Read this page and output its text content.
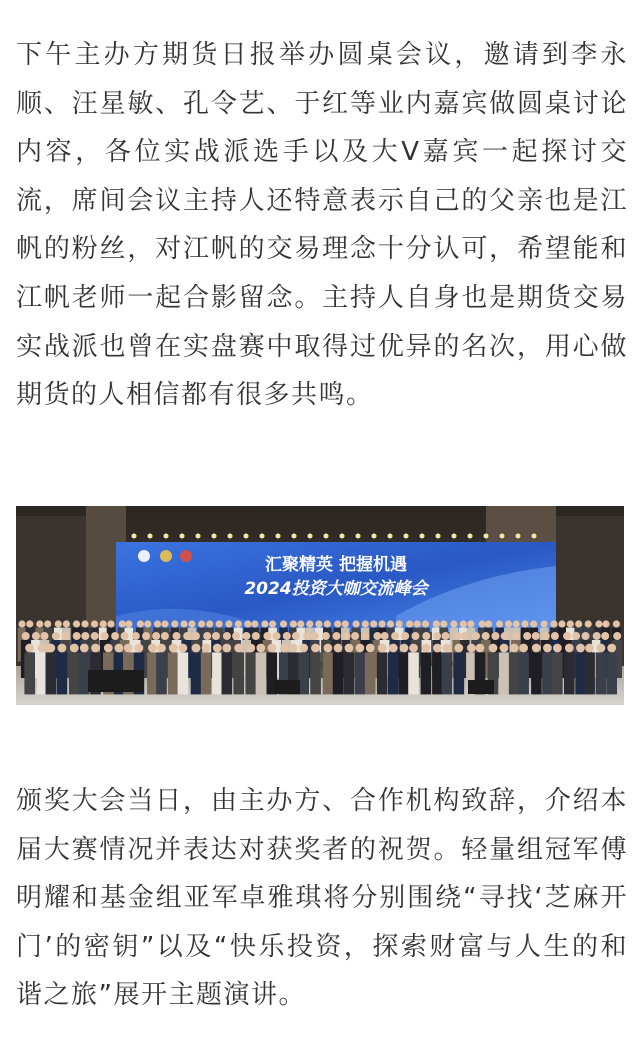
下午主办方期货日报举办圆桌会议，邀请到李永顺、汪星敏、孔令艺、于红等业内嘉宾做圆桌讨论内容，各位实战派选手以及大V嘉宾一起探讨交流，席间会议主持人还特意表示自己的父亲也是江帆的粉丝，对江帆的交易理念十分认可，希望能和江帆老师一起合影留念。主持人自身也是期货交易实战派也曾在实盘赛中取得过优异的名次，用心做期货的人相信都有很多共鸣。

汇聚精英 把握机遇
2024投资大咖交流峰会

颁奖大会当日，由主办方、合作机构致辞，介绍本届大赛情况并表达对获奖者的祝贺。轻量组冠军傅明耀和基金组亚军卓雅琪将分别围绕“寻找‘芝麻开门’的密钥”以及“快乐投资，探索财富与人生的和谐之旅”展开主题演讲。
